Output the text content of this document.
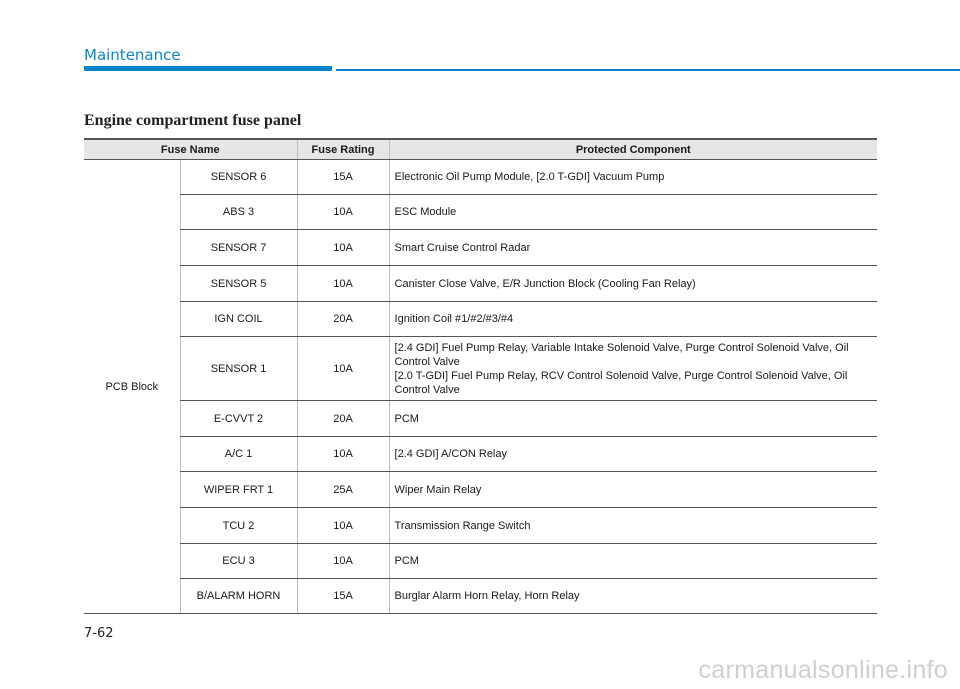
Maintenance
Engine compartment fuse panel
Fuse Name		Fuse Rating	Protected Component
PCB Block	SENSOR 6	15A	Electronic Oil Pump Module, [2.0 T-GDI] Vacuum Pump
	ABS 3	10A	ESC Module
	SENSOR 7	10A	Smart Cruise Control Radar
	SENSOR 5	10A	Canister Close Valve, E/R Junction Block (Cooling Fan Relay)
	IGN COIL	20A	Ignition Coil #1/#2/#3/#4
	SENSOR 1	10A	[2.4 GDI] Fuel Pump Relay, Variable Intake Solenoid Valve, Purge Control Solenoid Valve, Oil Control Valve
[2.0 T-GDI] Fuel Pump Relay, RCV Control Solenoid Valve, Purge Control Solenoid Valve, Oil Control Valve
	E-CVVT 2	20A	PCM
	A/C 1	10A	[2.4 GDI] A/CON Relay
	WIPER FRT 1	25A	Wiper Main Relay
	TCU 2	10A	Transmission Range Switch
	ECU 3	10A	PCM
	B/ALARM HORN	15A	Burglar Alarm Horn Relay, Horn Relay
7-62
carmanualsonline.info
